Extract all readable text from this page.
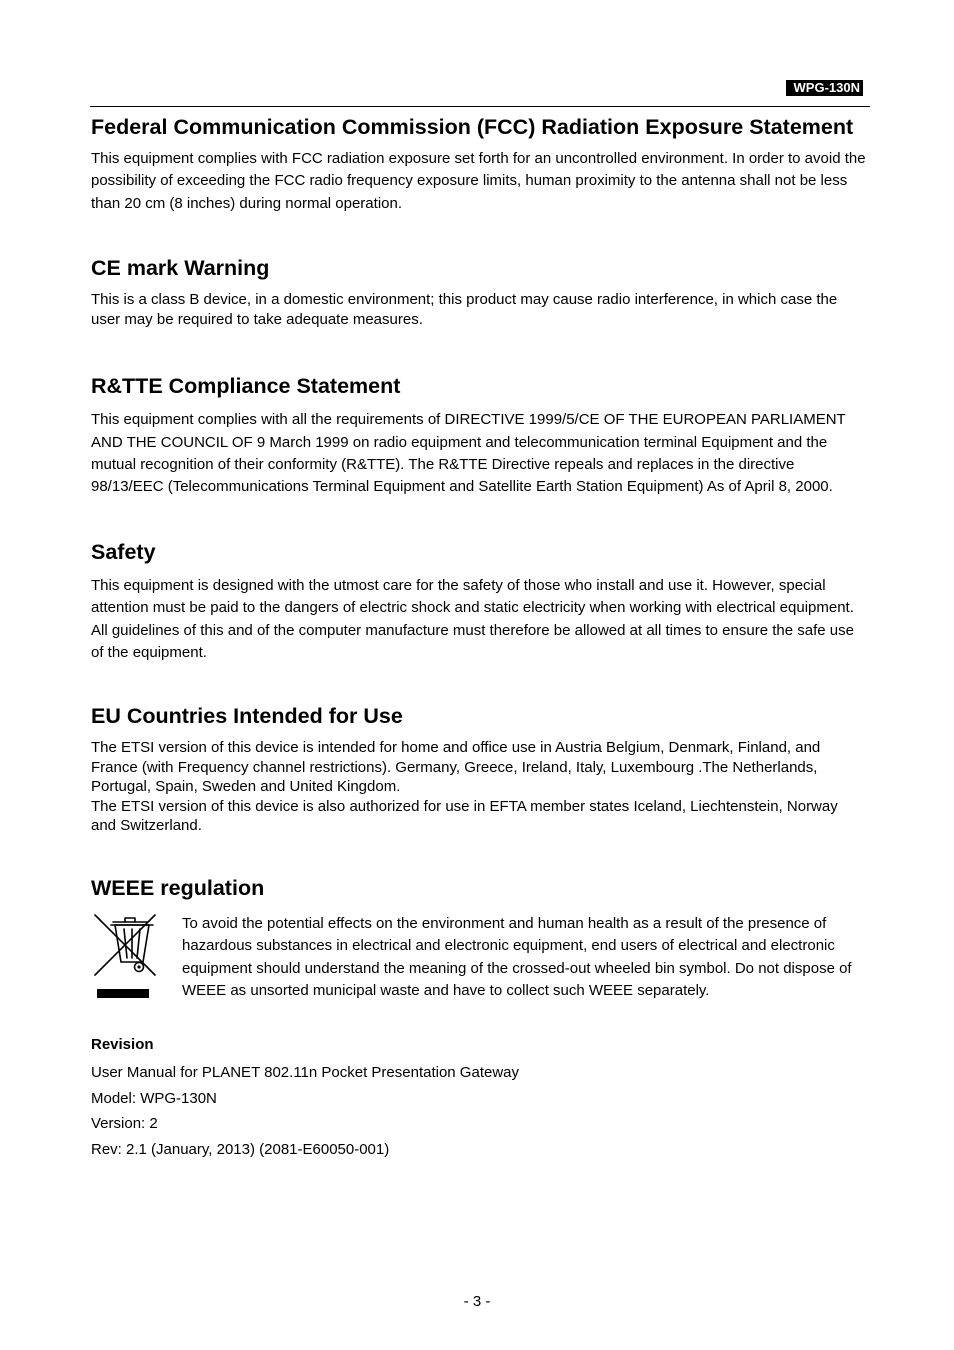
WPG-130N
Federal Communication Commission (FCC) Radiation Exposure Statement

This equipment complies with FCC radiation exposure set forth for an uncontrolled environment. In order to avoid the possibility of exceeding the FCC radio frequency exposure limits, human proximity to the antenna shall not be less than 20 cm (8 inches) during normal operation.

CE mark Warning

This is a class B device, in a domestic environment; this product may cause radio interference, in which case the user may be required to take adequate measures.

R&TTE Compliance Statement

This equipment complies with all the requirements of DIRECTIVE 1999/5/CE OF THE EUROPEAN PARLIAMENT AND THE COUNCIL OF 9 March 1999 on radio equipment and telecommunication terminal Equipment and the mutual recognition of their conformity (R&TTE). The R&TTE Directive repeals and replaces in the directive 98/13/EEC (Telecommunications Terminal Equipment and Satellite Earth Station Equipment) As of April 8, 2000.

Safety

This equipment is designed with the utmost care for the safety of those who install and use it. However, special attention must be paid to the dangers of electric shock and static electricity when working with electrical equipment. All guidelines of this and of the computer manufacture must therefore be allowed at all times to ensure the safe use of the equipment.

EU Countries Intended for Use

The ETSI version of this device is intended for home and office use in Austria Belgium, Denmark, Finland, and France (with Frequency channel restrictions). Germany, Greece, Ireland, Italy, Luxembourg .The Netherlands, Portugal, Spain, Sweden and United Kingdom.

The ETSI version of this device is also authorized for use in EFTA member states Iceland, Liechtenstein, Norway and Switzerland.

WEEE regulation

To avoid the potential effects on the environment and human health as a result of the presence of hazardous substances in electrical and electronic equipment, end users of electrical and electronic equipment should understand the meaning of the crossed-out wheeled bin symbol. Do not dispose of WEEE as unsorted municipal waste and have to collect such WEEE separately.

Revision
User Manual for PLANET 802.11n Pocket Presentation Gateway
Model: WPG-130N
Version: 2
Rev: 2.1 (January, 2013) (2081-E60050-001)
- 3 -
